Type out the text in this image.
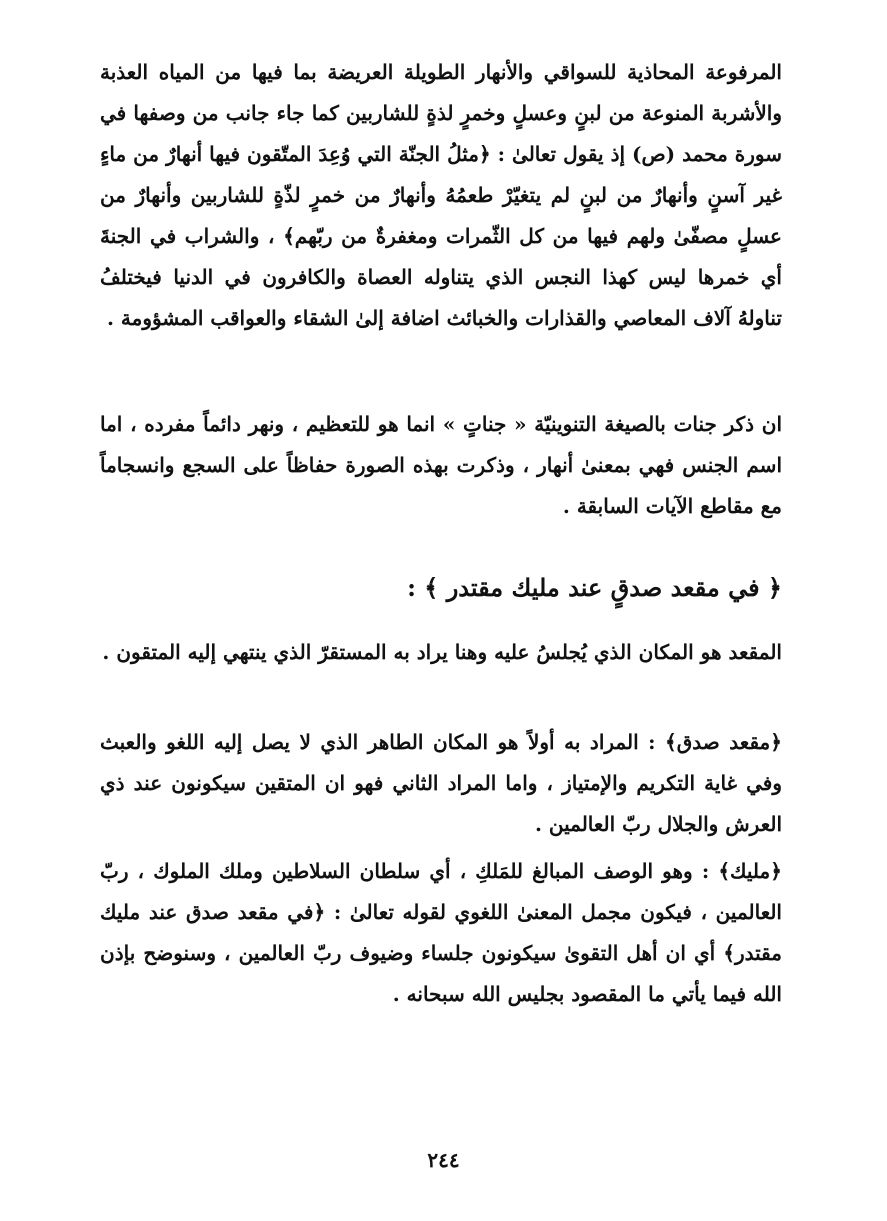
المرفوعة المحاذية للسواقي والأنهار الطويلة العريضة بما فيها من المياه العذبة والأشربة المنوعة من لبنٍ وعسلٍ وخمرٍ لذةٍ للشاربين كما جاء جانب من وصفها في سورة محمد (ص) إذ يقول تعالىٰ : ﴿مثلُ الجنّة التي وُعِدَ المتّقون فيها أنهارٌ من ماءٍ غير آسنٍ وأنهارٌ من لبنٍ لم يتغيّرْ طعمُهُ وأنهارٌ من خمرٍ لذّةٍ للشاربين وأنهارٌ من عسلٍ مصفّىٰ ولهم فيها من كل الثّمرات ومغفرةٌ من ربّهم﴾ ، والشراب في الجنةَ أي خمرها ليس كهذا النجس الذي يتناوله العصاة والكافرون في الدنيا فيختلفُ تناولهُ آلاف المعاصي والقذارات والخبائث اضافة إلىٰ الشقاء والعواقب المشؤومة .

ان ذكر جنات بالصيغة التنوينيّة « جناتٍ » انما هو للتعظيم ، ونهر دائماً مفرده ، اما اسم الجنس فهي بمعنىٰ أنهار ، وذكرت بهذه الصورة حفاظاً على السجع وانسجاماً مع مقاطع الآيات السابقة .

﴿ في مقعد صدقٍ عند مليك مقتدر ﴾ :

المقعد هو المكان الذي يُجلسُ عليه وهنا يراد به المستقرّ الذي ينتهي إليه المتقون .

﴿مقعد صدق﴾ : المراد به أولاً هو المكان الطاهر الذي لا يصل إليه اللغو والعبث وفي غاية التكريم والإمتياز ، واما المراد الثاني فهو ان المتقين سيكونون عند ذي العرش والجلال ربّ العالمين .

﴿مليك﴾ : وهو الوصف المبالغ للمَلكِ ، أي سلطان السلاطين وملك الملوك ، ربّ العالمين ، فيكون مجمل المعنىٰ اللغوي لقوله تعالىٰ : ﴿في مقعد صدق عند مليك مقتدر﴾ أي ان أهل التقوىٰ سيكونون جلساء وضيوف ربّ العالمين ، وسنوضح بإذن الله فيما يأتي ما المقصود بجليس الله سبحانه .

٢٤٤
